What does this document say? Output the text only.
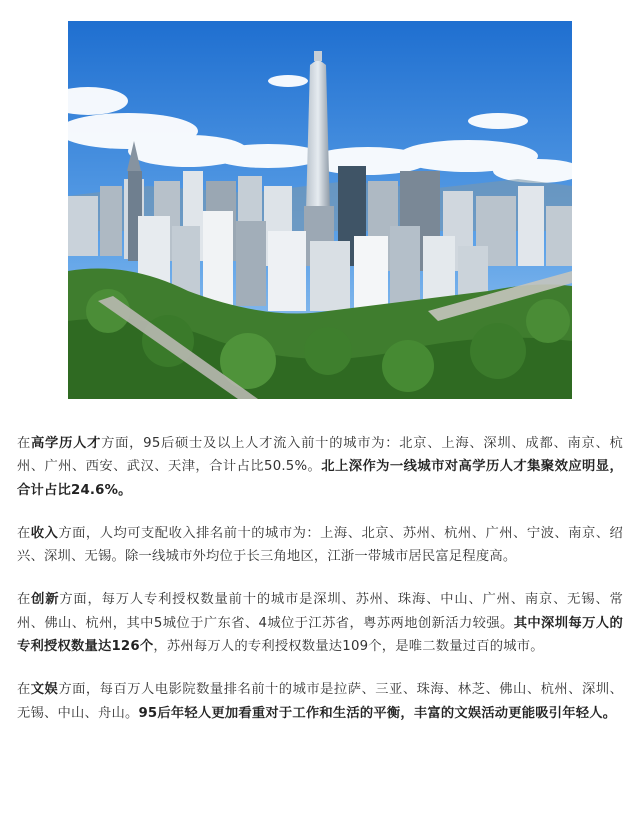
在高学历人才方面，95后硕士及以上人才流入前十的城市为：北京、上海、深圳、成都、南京、杭州、广州、西安、武汉、天津，合计占比50.5%。北上深作为一线城市对高学历人才集聚效应明显，合计占比24.6%。

在收入方面，人均可支配收入排名前十的城市为：上海、北京、苏州、杭州、广州、宁波、南京、绍兴、深圳、无锡。除一线城市外均位于长三角地区，江浙一带城市居民富足程度高。

在创新方面，每万人专利授权数量前十的城市是深圳、苏州、珠海、中山、广州、南京、无锡、常州、佛山、杭州，其中5城位于广东省、4城位于江苏省，粤苏两地创新活力较强。其中深圳每万人的专利授权数量达126个，苏州每万人的专利授权数量达109个，是唯二数量过百的城市。

在文娱方面，每百万人电影院数量排名前十的城市是拉萨、三亚、珠海、林芝、佛山、杭州、深圳、无锡、中山、舟山。95后年轻人更加看重对于工作和生活的平衡，丰富的文娱活动更能吸引年轻人。
